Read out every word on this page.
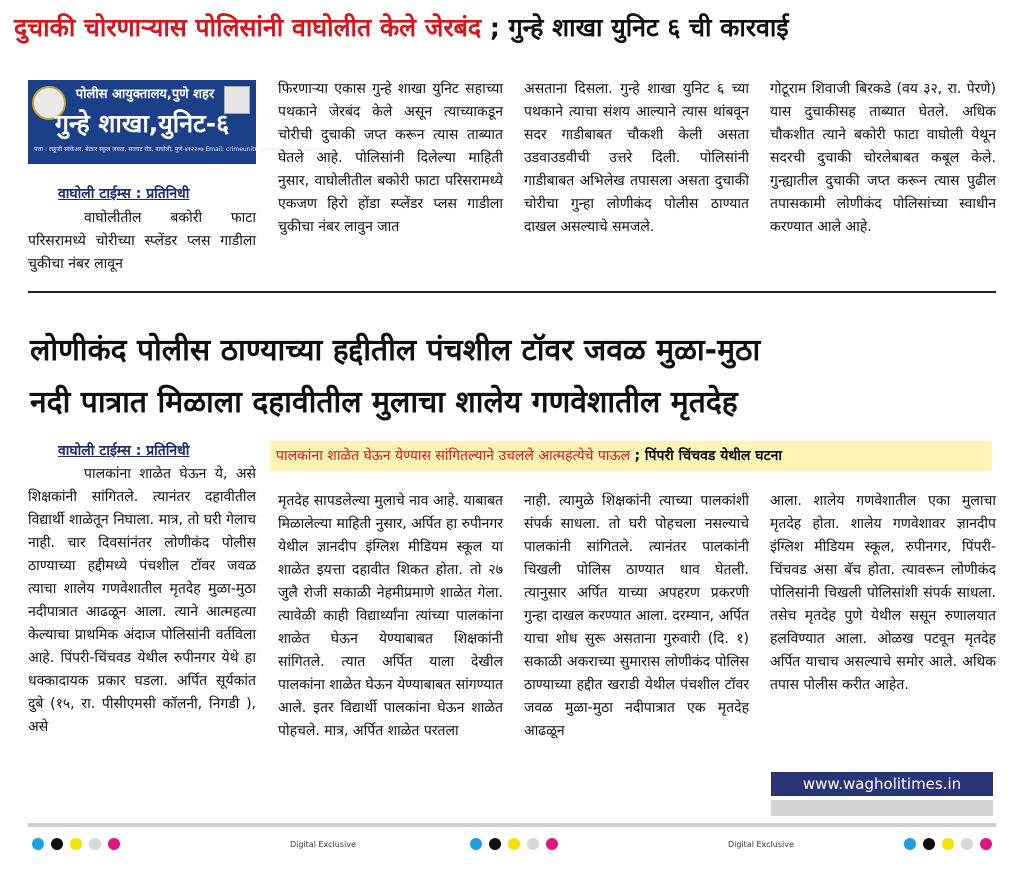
दुचाकी चोरणाऱ्यास पोलिसांनी वाघोलीत केले जेरबंद ; गुन्हे शाखा युनिट ६ ची कारवाई
पोलीस आयुक्तालय,पुणे शहर
गुन्हे शाखा,युनिट-६
पत्ता : लहूजी स्वकेअर, बेळार स्कूल जवळ, सालाट रोड, वाघोली, पुणे-४१२२०७ Email: crimeunit6.pune@mahapolice.gov.in
वाघोली टाईम्स : प्रतिनिधी
वाघोलीतील बकोरी फाटा परिसरामध्ये चोरीच्या स्प्लेंडर प्लस गाडीला चुकीचा नंबर लावून
फिरणाऱ्या एकास गुन्हे शाखा युनिट सहाच्या पथकाने जेरबंद केले असून त्याच्याकडून चोरीची दुचाकी जप्त करून त्यास ताब्यात घेतले आहे. पोलिसांनी दिलेल्या माहिती नुसार, वाघोलीतील बकोरी फाटा परिसरामध्ये एकजण हिरो होंडा स्प्लेंडर प्लस गाडीला चुकीचा नंबर लावुन जात
असताना दिसला. गुन्हे शाखा युनिट ६ च्या पथकाने त्याचा संशय आल्याने त्यास थांबवून सदर गाडीबाबत चौकशी केली असता उडवाउडवीची उत्तरे दिली. पोलिसांनी गाडीबाबत अभिलेख तपासला असता दुचाकी चोरीचा गुन्हा लोणीकंद पोलीस ठाण्यात दाखल असल्याचे समजले.
गोटूराम शिवाजी बिरकडे (वय ३२, रा. पेरणे) यास दुचाकीसह ताब्यात घेतले. अधिक चौकशीत त्याने बकोरी फाटा वाघोली येथून सदरची दुचाकी चोरलेबाबत कबूल केले. गुन्ह्यातील दुचाकी जप्त करून त्यास पुढील तपासकामी लोणीकंद पोलिसांच्या स्वाधीन करण्यात आले आहे.
लोणीकंद पोलीस ठाण्याच्या हद्दीतील पंचशील टॉवर जवळ मुळा-मुठा
नदी पात्रात मिळाला दहावीतील मुलाचा शालेय गणवेशातील मृतदेह
वाघोली टाईम्स : प्रतिनिधी	पालकांना शाळेत घेऊन येण्यास सांगितल्याने उचलले आत्महत्येचे पाऊल ; पिंपरी चिंचवड येथील घटना
पालकांना शाळेत घेऊन ये, असे शिक्षकांनी सांगितले. त्यानंतर दहावीतील विद्यार्थी शाळेतून निघाला. मात्र, तो घरी गेलाच नाही. चार दिवसांनंतर लोणीकंद पोलीस ठाण्याच्या हद्दीमध्ये पंचशील टॉवर जवळ त्याचा शालेय गणवेशातील मृतदेह मुळा-मुठा नदीपात्रात आढळून आला. त्याने आत्महत्या केल्याचा प्राथमिक अंदाज पोलिसांनी वर्तविला आहे. पिंपरी-चिंचवड येथील रुपीनगर येथे हा धक्कादायक प्रकार घडला. अर्पित सूर्यकांत दुबे (१५, रा. पीसीएमसी कॉलनी, निगडी ), असे
मृतदेह सापडलेल्या मुलाचे नाव आहे. याबाबत मिळालेल्या माहिती नुसार, अर्पित हा रुपीनगर येथील ज्ञानदीप इंग्लिश मीडियम स्कूल या शाळेत इयत्ता दहावीत शिकत होता. तो २७ जुलै रोजी सकाळी नेहमीप्रमाणे शाळेत गेला. त्यावेळी काही विद्यार्थ्यांना त्यांच्या पालकांना शाळेत घेऊन येण्याबाबत शिक्षकांनी सांगितले. त्यात अर्पित याला देखील पालकांना शाळेत घेऊन येण्याबाबत सांगण्यात आले. इतर विद्यार्थी पालकांना घेऊन शाळेत पोहचले. मात्र, अर्पित शाळेत परतला
नाही. त्यामुळे शिक्षकांनी त्याच्या पालकांशी संपर्क साधला. तो घरी पोहचला नसल्याचे पालकांनी सांगितले. त्यानंतर पालकांनी चिखली पोलिस ठाण्यात धाव घेतली. त्यानुसार अर्पित याच्या अपहरण प्रकरणी गुन्हा दाखल करण्यात आला. दरम्यान, अर्पित याचा शोध सुरू असताना गुरुवारी (दि. १) सकाळी अकराच्या सुमारास लोणीकंद पोलिस ठाण्याच्या हद्दीत खराडी येथील पंचशील टॉवर जवळ मुळा-मुठा नदीपात्रात एक मृतदेह आढळून
आला. शालेय गणवेशातील एका मुलाचा मृतदेह होता. शालेय गणवेशावर ज्ञानदीप इंग्लिश मीडियम स्कूल, रुपीनगर, पिंपरी-चिंचवड असा बॅच होता. त्यावरून लोणीकंद पोलिसांनी चिखली पोलिसांशी संपर्क साधला. तसेच मृतदेह पुणे येथील ससून रुणालयात हलविण्यात आला. ओळख पटवून मृतदेह अर्पित याचाच असल्याचे समोर आले. अधिक तपास पोलीस करीत आहेत.
www.wagholitimes.in
Digital Exclusive	Digital Exclusive
